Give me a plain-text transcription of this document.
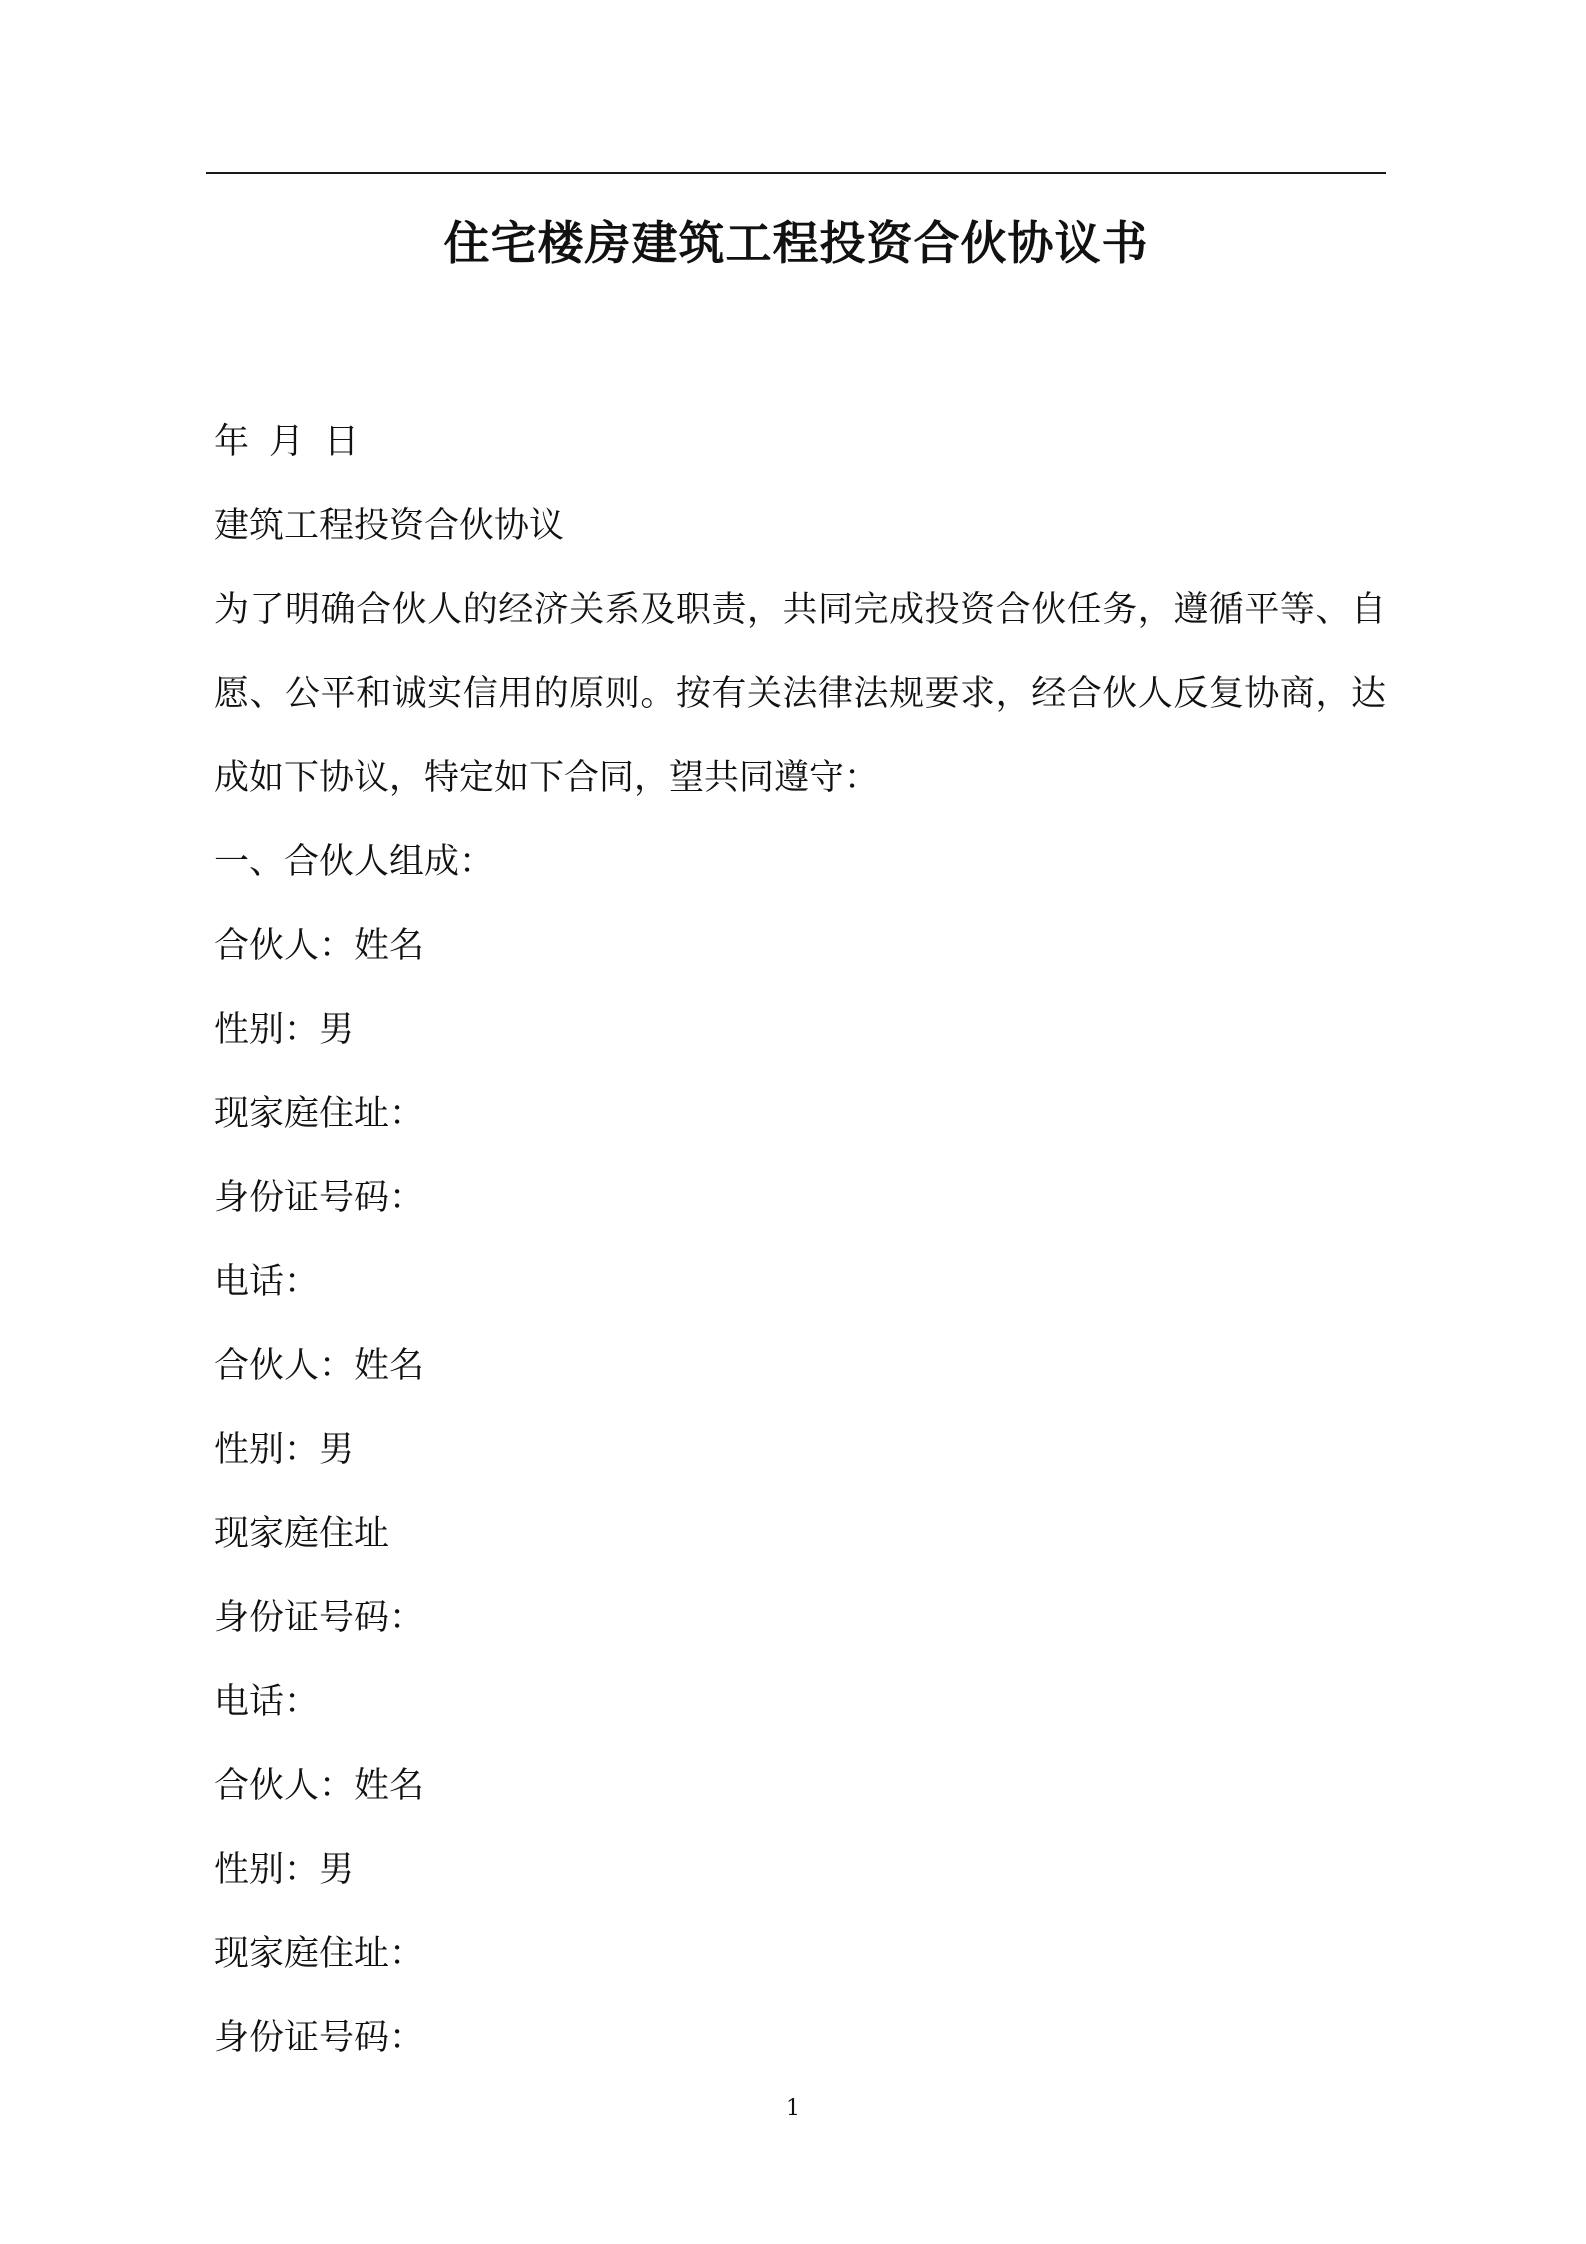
住宅楼房建筑工程投资合伙协议书

年 月 日

建筑工程投资合伙协议

为了明确合伙人的经济关系及职责，共同完成投资合伙任务，遵循平等、自愿、公平和诚实信用的原则。按有关法律法规要求，经合伙人反复协商，达成如下协议，特定如下合同，望共同遵守：

一、合伙人组成：

合伙人：姓名

性别：男

现家庭住址：

身份证号码：

电话：

合伙人：姓名

性别：男

现家庭住址

身份证号码：

电话：

合伙人：姓名

性别：男

现家庭住址：

身份证号码：

1
